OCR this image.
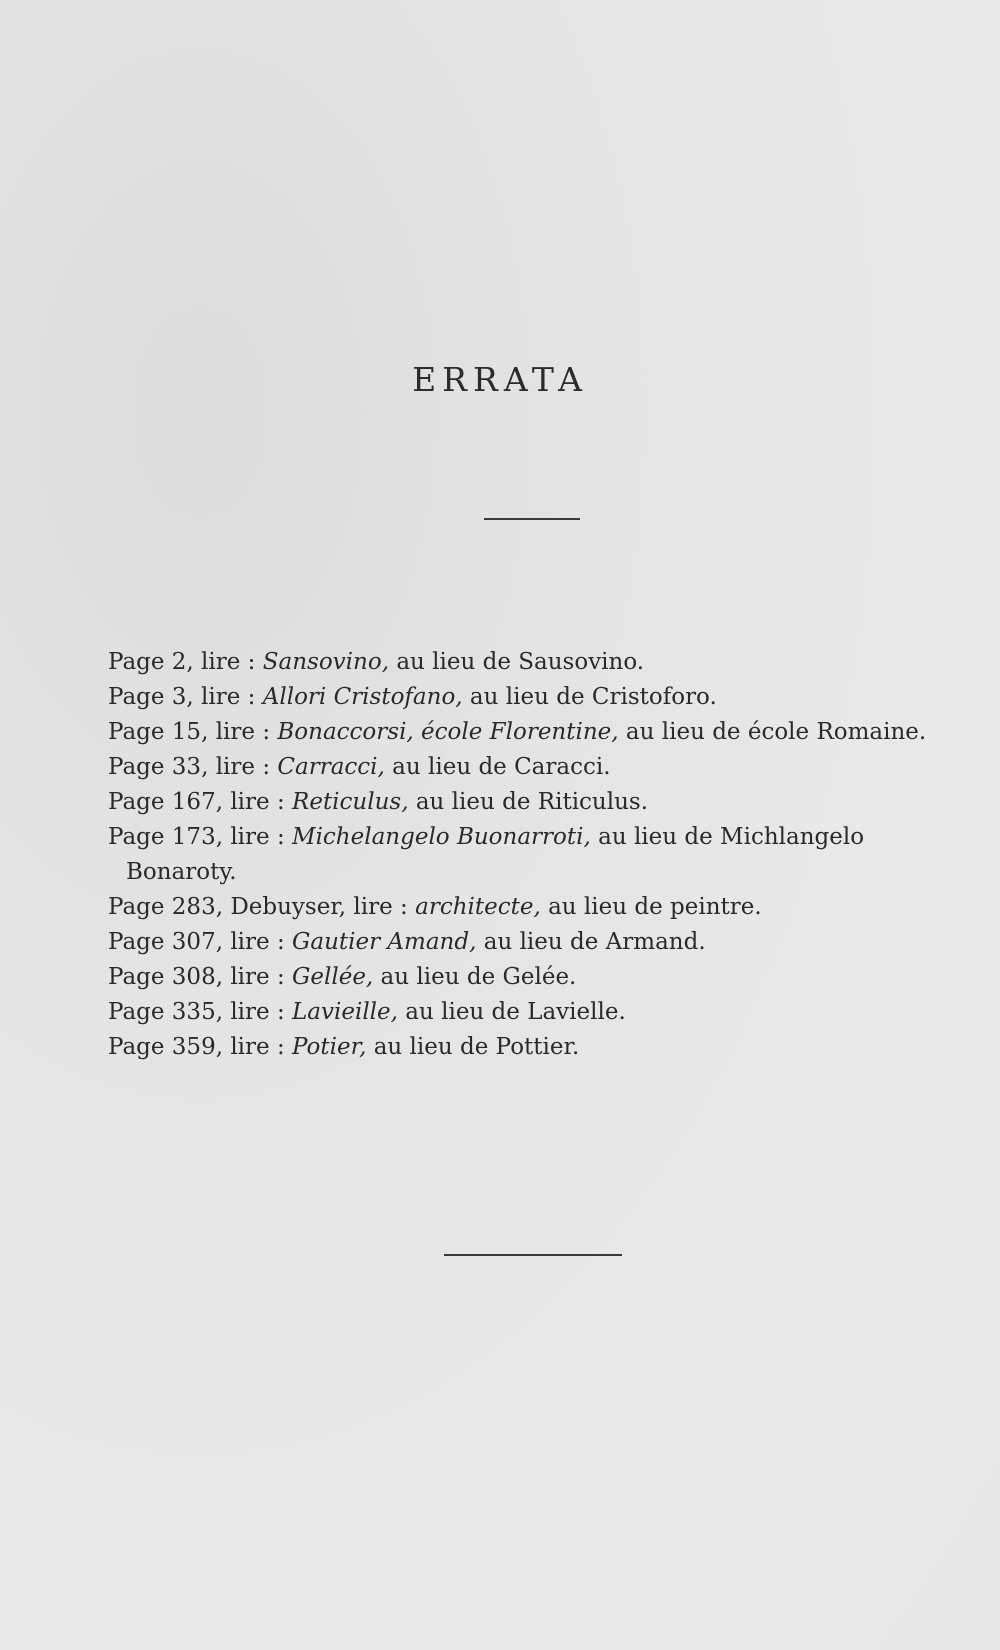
ERRATA

Page 2, lire : Sansovino, au lieu de Sausovino.

Page 3, lire : Allori Cristofano, au lieu de Cristoforo.

Page 15, lire : Bonaccorsi, école Florentine, au lieu de école Romaine.

Page 33, lire : Carracci, au lieu de Caracci.

Page 167, lire : Reticulus, au lieu de Riticulus.

Page 173, lire : Michelangelo Buonarroti, au lieu de Michlangelo Bonaroty.

Page 283, Debuyser, lire : architecte, au lieu de peintre.

Page 307, lire : Gautier Amand, au lieu de Armand.

Page 308, lire : Gellée, au lieu de Gelée.

Page 335, lire : Lavieille, au lieu de Lavielle.

Page 359, lire : Potier, au lieu de Pottier.
